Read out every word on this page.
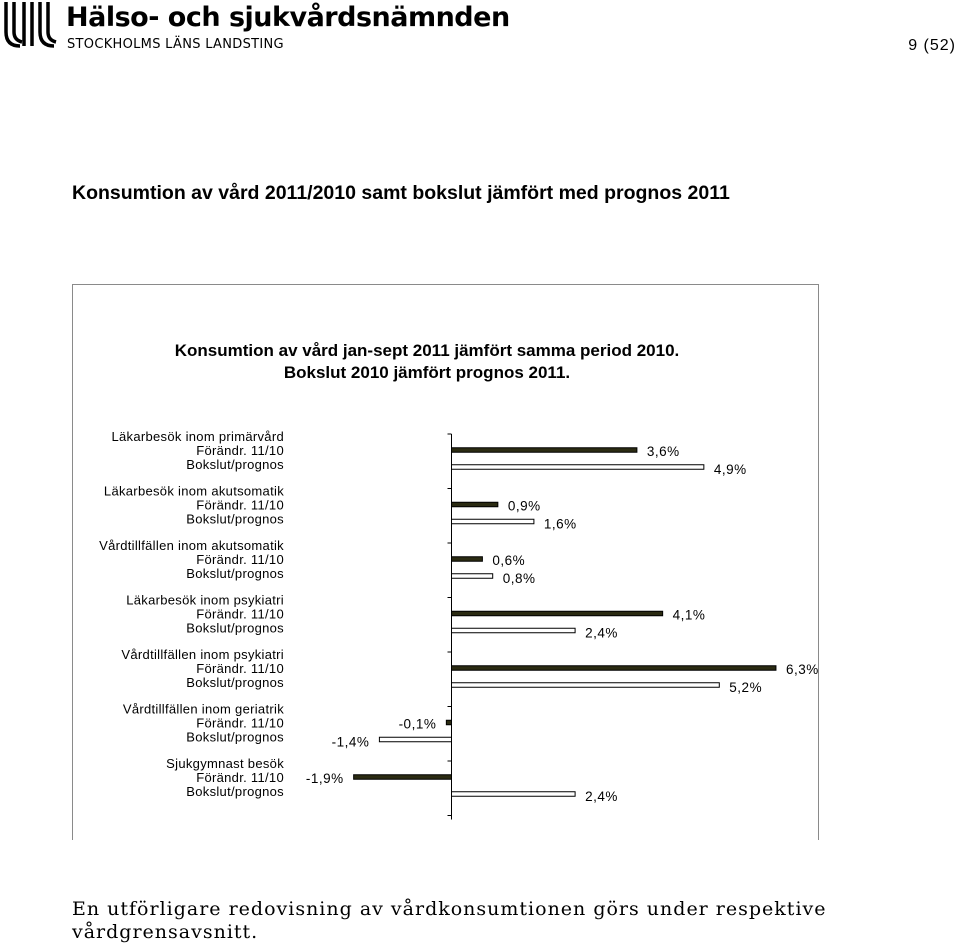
Hälso- och sjukvårdsnämnden
STOCKHOLMS LÄNS LANDSTING	9 (52)
Konsumtion av vård 2011/2010 samt bokslut jämfört med prognos 2011
Konsumtion av vård jan-sept 2011 jämfört samma period 2010.
Bokslut 2010 jämfört prognos 2011.
Läkarbesök inom primärvård
Förändr. 11/10
Bokslut/prognos
3,6%
4,9%
Läkarbesök inom akutsomatik
Förändr. 11/10
Bokslut/prognos
0,9%
1,6%
Vårdtillfällen inom akutsomatik
Förändr. 11/10
Bokslut/prognos
0,6%
0,8%
Läkarbesök inom psykiatri
Förändr. 11/10
Bokslut/prognos
4,1%
2,4%
Vårdtillfällen inom psykiatri
Förändr. 11/10
Bokslut/prognos
6,3%
5,2%
Vårdtillfällen inom geriatrik
Förändr. 11/10
Bokslut/prognos
-0,1%
-1,4%
Sjukgymnast besök
Förändr. 11/10
Bokslut/prognos
-1,9%
2,4%
En utförligare redovisning av vårdkonsumtionen görs under respektive vårdgrensavsnitt.
